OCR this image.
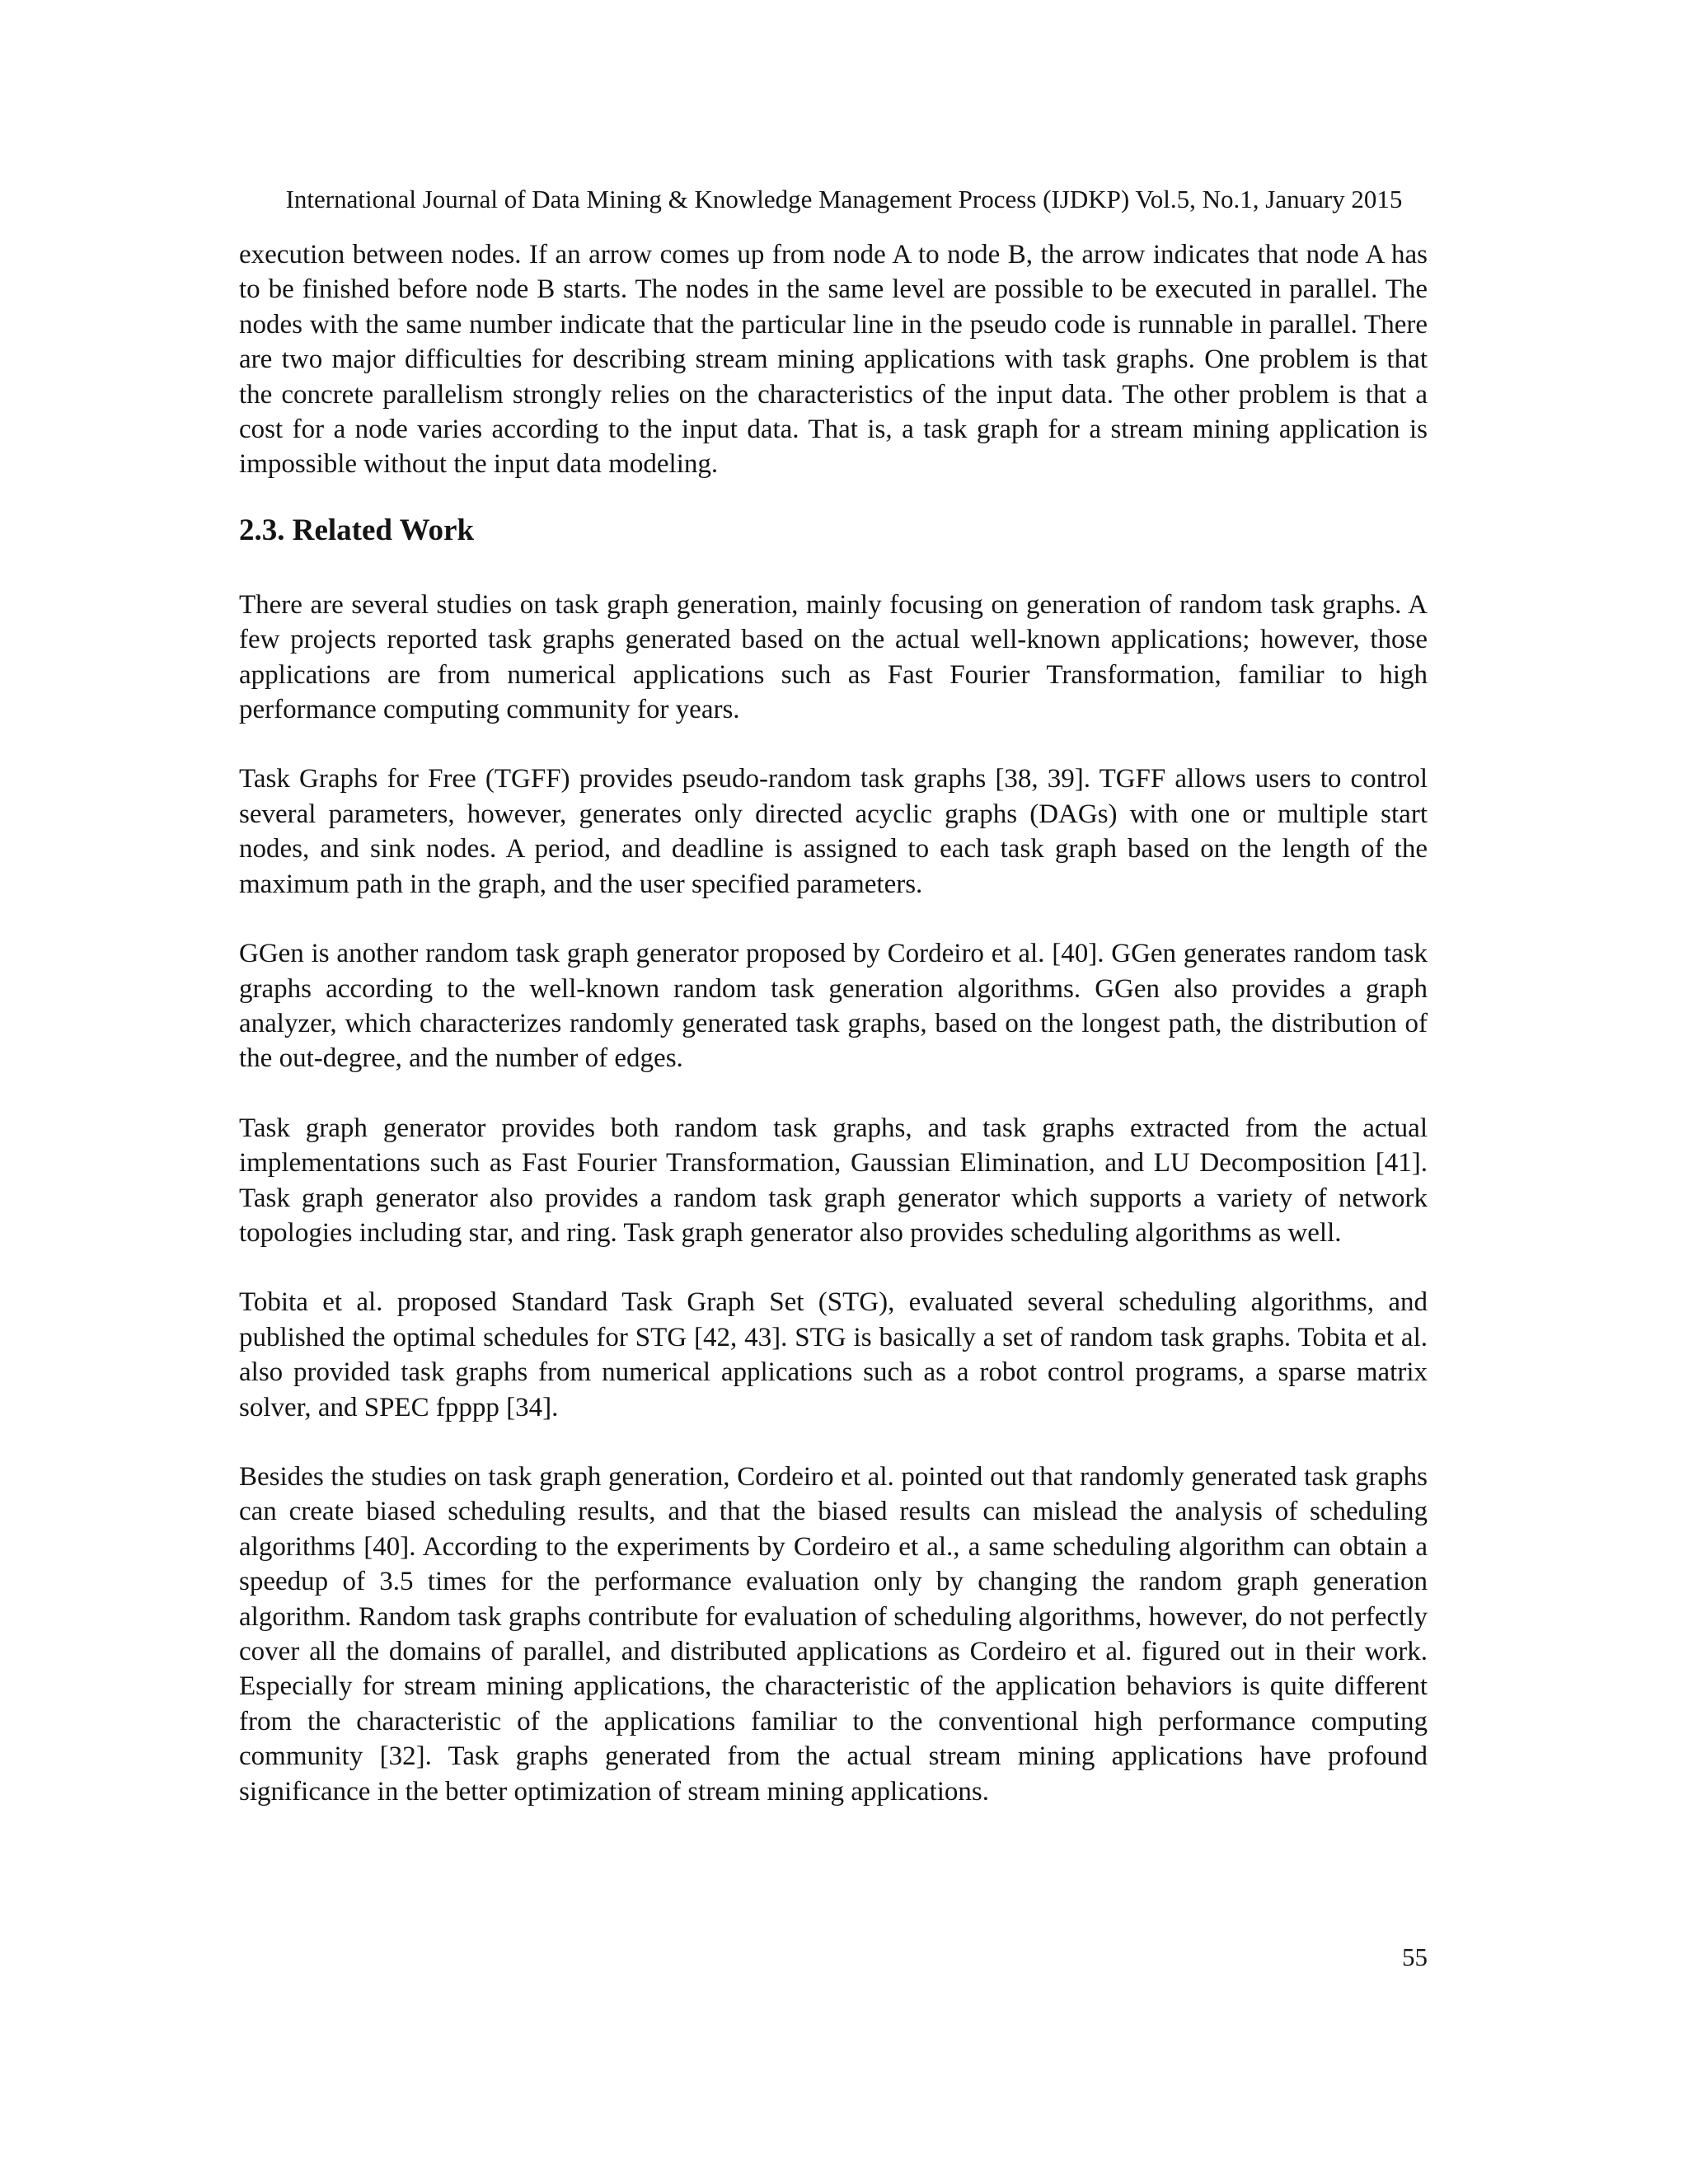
International Journal of Data Mining & Knowledge Management Process (IJDKP) Vol.5, No.1, January 2015

execution between nodes. If an arrow comes up from node A to node B, the arrow indicates that node A has to be finished before node B starts. The nodes in the same level are possible to be executed in parallel. The nodes with the same number indicate that the particular line in the pseudo code is runnable in parallel. There are two major difficulties for describing stream mining applications with task graphs. One problem is that the concrete parallelism strongly relies on the characteristics of the input data. The other problem is that a cost for a node varies according to the input data. That is, a task graph for a stream mining application is impossible without the input data modeling.

2.3. Related Work

There are several studies on task graph generation, mainly focusing on generation of random task graphs. A few projects reported task graphs generated based on the actual well-known applications; however, those applications are from numerical applications such as Fast Fourier Transformation, familiar to high performance computing community for years.

Task Graphs for Free (TGFF) provides pseudo-random task graphs [38, 39]. TGFF allows users to control several parameters, however, generates only directed acyclic graphs (DAGs) with one or multiple start nodes, and sink nodes. A period, and deadline is assigned to each task graph based on the length of the maximum path in the graph, and the user specified parameters.

GGen is another random task graph generator proposed by Cordeiro et al. [40]. GGen generates random task graphs according to the well-known random task generation algorithms. GGen also provides a graph analyzer, which characterizes randomly generated task graphs, based on the longest path, the distribution of the out-degree, and the number of edges.

Task graph generator provides both random task graphs, and task graphs extracted from the actual implementations such as Fast Fourier Transformation, Gaussian Elimination, and LU Decomposition [41]. Task graph generator also provides a random task graph generator which supports a variety of network topologies including star, and ring. Task graph generator also provides scheduling algorithms as well.

Tobita et al. proposed Standard Task Graph Set (STG), evaluated several scheduling algorithms, and published the optimal schedules for STG [42, 43]. STG is basically a set of random task graphs. Tobita et al. also provided task graphs from numerical applications such as a robot control programs, a sparse matrix solver, and SPEC fpppp [34].

Besides the studies on task graph generation, Cordeiro et al. pointed out that randomly generated task graphs can create biased scheduling results, and that the biased results can mislead the analysis of scheduling algorithms [40]. According to the experiments by Cordeiro et al., a same scheduling algorithm can obtain a speedup of 3.5 times for the performance evaluation only by changing the random graph generation algorithm. Random task graphs contribute for evaluation of scheduling algorithms, however, do not perfectly cover all the domains of parallel, and distributed applications as Cordeiro et al. figured out in their work. Especially for stream mining applications, the characteristic of the application behaviors is quite different from the characteristic of the applications familiar to the conventional high performance computing community [32]. Task graphs generated from the actual stream mining applications have profound significance in the better optimization of stream mining applications.

55
